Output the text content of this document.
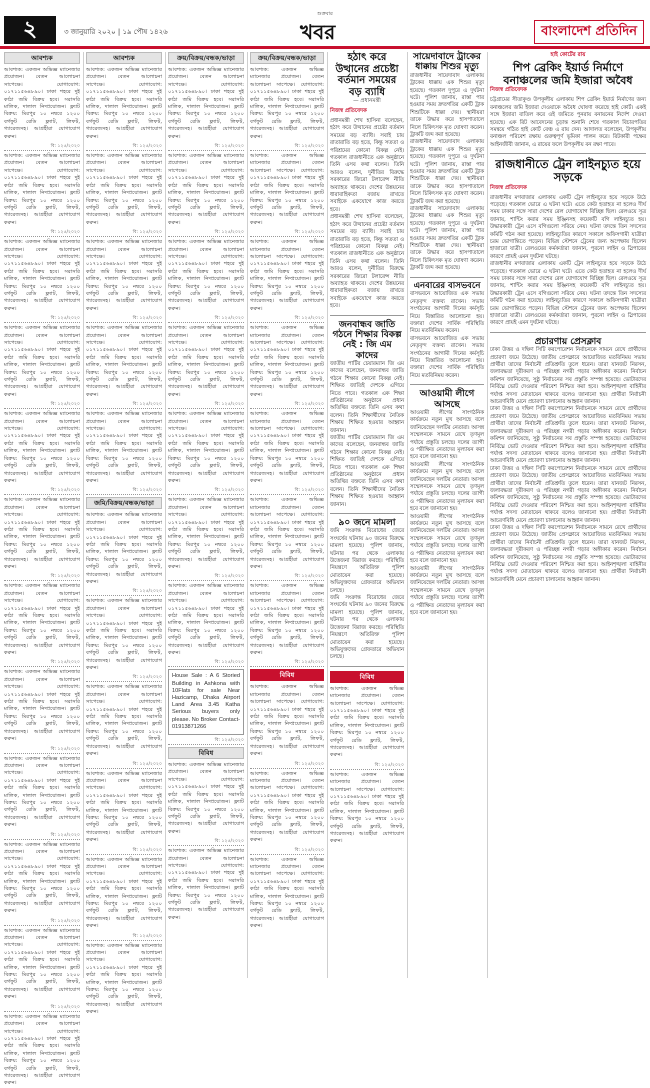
শুক্রবার
২	৩ জানুয়ারি ২০২০ | ১৯ পৌষ ১৪২৬	খবর	বাংলাদেশ প্রতিদিন
আবশ্যক
আবশ্যক: একজন অভিজ্ঞ ম্যানেজার প্রয়োজন। বেতন আলোচনা সাপেক্ষে। যোগাযোগ: ০১৭১১৫৬৪৮৯০। ঢাকা শহরে দুই কাঠা জমি বিক্রয় হবে। সরাসরি মালিক, দালাল নিষ্প্রয়োজন। ফ্ল্যাট বিক্রয়: মিরপুর ১০ নম্বরে ১২০০ বর্গফুট রেডি ফ্ল্যাট, লিফট, গ্যারেজসহ। আগ্রহীরা যোগাযোগ করুন।
বি: ১২৫/২০২০
আবশ্যক: একজন অভিজ্ঞ ম্যানেজার প্রয়োজন। বেতন আলোচনা সাপেক্ষে। যোগাযোগ: ০১৭১১৫৬৪৮৯০। ঢাকা শহরে দুই কাঠা জমি বিক্রয় হবে। সরাসরি মালিক, দালাল নিষ্প্রয়োজন। ফ্ল্যাট বিক্রয়: মিরপুর ১০ নম্বরে ১২০০ বর্গফুট রেডি ফ্ল্যাট, লিফট, গ্যারেজসহ। আগ্রহীরা যোগাযোগ করুন।
বি: ১২৫/২০২০
আবশ্যক: একজন অভিজ্ঞ ম্যানেজার প্রয়োজন। বেতন আলোচনা সাপেক্ষে। যোগাযোগ: ০১৭১১৫৬৪৮৯০। ঢাকা শহরে দুই কাঠা জমি বিক্রয় হবে। সরাসরি মালিক, দালাল নিষ্প্রয়োজন। ফ্ল্যাট বিক্রয়: মিরপুর ১০ নম্বরে ১২০০ বর্গফুট রেডি ফ্ল্যাট, লিফট, গ্যারেজসহ। আগ্রহীরা যোগাযোগ করুন।
বি: ১২৫/২০২০
আবশ্যক: একজন অভিজ্ঞ ম্যানেজার প্রয়োজন। বেতন আলোচনা সাপেক্ষে। যোগাযোগ: ০১৭১১৫৬৪৮৯০। ঢাকা শহরে দুই কাঠা জমি বিক্রয় হবে। সরাসরি মালিক, দালাল নিষ্প্রয়োজন। ফ্ল্যাট বিক্রয়: মিরপুর ১০ নম্বরে ১২০০ বর্গফুট রেডি ফ্ল্যাট, লিফট, গ্যারেজসহ। আগ্রহীরা যোগাযোগ করুন।
বি: ১২৫/২০২০
আবশ্যক: একজন অভিজ্ঞ ম্যানেজার প্রয়োজন। বেতন আলোচনা সাপেক্ষে। যোগাযোগ: ০১৭১১৫৬৪৮৯০। ঢাকা শহরে দুই কাঠা জমি বিক্রয় হবে। সরাসরি মালিক, দালাল নিষ্প্রয়োজন। ফ্ল্যাট বিক্রয়: মিরপুর ১০ নম্বরে ১২০০ বর্গফুট রেডি ফ্ল্যাট, লিফট, গ্যারেজসহ। আগ্রহীরা যোগাযোগ করুন।
বি: ১২৫/২০২০
আবশ্যক: একজন অভিজ্ঞ ম্যানেজার প্রয়োজন। বেতন আলোচনা সাপেক্ষে। যোগাযোগ: ০১৭১১৫৬৪৮৯০। ঢাকা শহরে দুই কাঠা জমি বিক্রয় হবে। সরাসরি মালিক, দালাল নিষ্প্রয়োজন। ফ্ল্যাট বিক্রয়: মিরপুর ১০ নম্বরে ১২০০ বর্গফুট রেডি ফ্ল্যাট, লিফট, গ্যারেজসহ। আগ্রহীরা যোগাযোগ করুন।
বি: ১২৫/২০২০
আবশ্যক: একজন অভিজ্ঞ ম্যানেজার প্রয়োজন। বেতন আলোচনা সাপেক্ষে। যোগাযোগ: ০১৭১১৫৬৪৮৯০। ঢাকা শহরে দুই কাঠা জমি বিক্রয় হবে। সরাসরি মালিক, দালাল নিষ্প্রয়োজন। ফ্ল্যাট বিক্রয়: মিরপুর ১০ নম্বরে ১২০০ বর্গফুট রেডি ফ্ল্যাট, লিফট, গ্যারেজসহ। আগ্রহীরা যোগাযোগ করুন।
বি: ১২৫/২০২০
আবশ্যক: একজন অভিজ্ঞ ম্যানেজার প্রয়োজন। বেতন আলোচনা সাপেক্ষে। যোগাযোগ: ০১৭১১৫৬৪৮৯০। ঢাকা শহরে দুই কাঠা জমি বিক্রয় হবে। সরাসরি মালিক, দালাল নিষ্প্রয়োজন। ফ্ল্যাট বিক্রয়: মিরপুর ১০ নম্বরে ১২০০ বর্গফুট রেডি ফ্ল্যাট, লিফট, গ্যারেজসহ। আগ্রহীরা যোগাযোগ করুন।
বি: ১২৫/২০২০
আবশ্যক: একজন অভিজ্ঞ ম্যানেজার প্রয়োজন। বেতন আলোচনা সাপেক্ষে। যোগাযোগ: ০১৭১১৫৬৪৮৯০। ঢাকা শহরে দুই কাঠা জমি বিক্রয় হবে। সরাসরি মালিক, দালাল নিষ্প্রয়োজন। ফ্ল্যাট বিক্রয়: মিরপুর ১০ নম্বরে ১২০০ বর্গফুট রেডি ফ্ল্যাট, লিফট, গ্যারেজসহ। আগ্রহীরা যোগাযোগ করুন।
বি: ১২৫/২০২০
আবশ্যক: একজন অভিজ্ঞ ম্যানেজার প্রয়োজন। বেতন আলোচনা সাপেক্ষে। যোগাযোগ: ০১৭১১৫৬৪৮৯০। ঢাকা শহরে দুই কাঠা জমি বিক্রয় হবে। সরাসরি মালিক, দালাল নিষ্প্রয়োজন। ফ্ল্যাট বিক্রয়: মিরপুর ১০ নম্বরে ১২০০ বর্গফুট রেডি ফ্ল্যাট, লিফট, গ্যারেজসহ। আগ্রহীরা যোগাযোগ করুন।
বি: ১২৫/২০২০
আবশ্যক: একজন অভিজ্ঞ ম্যানেজার প্রয়োজন। বেতন আলোচনা সাপেক্ষে। যোগাযোগ: ০১৭১১৫৬৪৮৯০। ঢাকা শহরে দুই কাঠা জমি বিক্রয় হবে। সরাসরি মালিক, দালাল নিষ্প্রয়োজন। ফ্ল্যাট বিক্রয়: মিরপুর ১০ নম্বরে ১২০০ বর্গফুট রেডি ফ্ল্যাট, লিফট, গ্যারেজসহ। আগ্রহীরা যোগাযোগ করুন।
বি: ১২৫/২০২০
আবশ্যক: একজন অভিজ্ঞ ম্যানেজার প্রয়োজন। বেতন আলোচনা সাপেক্ষে। যোগাযোগ: ০১৭১১৫৬৪৮৯০। ঢাকা শহরে দুই কাঠা জমি বিক্রয় হবে। সরাসরি মালিক, দালাল নিষ্প্রয়োজন। ফ্ল্যাট বিক্রয়: মিরপুর ১০ নম্বরে ১২০০ বর্গফুট রেডি ফ্ল্যাট, লিফট, গ্যারেজসহ। আগ্রহীরা যোগাযোগ করুন।
আবশ্যক
আবশ্যক: একজন অভিজ্ঞ ম্যানেজার প্রয়োজন। বেতন আলোচনা সাপেক্ষে। যোগাযোগ: ০১৭১১৫৬৪৮৯০। ঢাকা শহরে দুই কাঠা জমি বিক্রয় হবে। সরাসরি মালিক, দালাল নিষ্প্রয়োজন। ফ্ল্যাট বিক্রয়: মিরপুর ১০ নম্বরে ১২০০ বর্গফুট রেডি ফ্ল্যাট, লিফট, গ্যারেজসহ। আগ্রহীরা যোগাযোগ করুন।
বি: ১২৫/২০২০
আবশ্যক: একজন অভিজ্ঞ ম্যানেজার প্রয়োজন। বেতন আলোচনা সাপেক্ষে। যোগাযোগ: ০১৭১১৫৬৪৮৯০। ঢাকা শহরে দুই কাঠা জমি বিক্রয় হবে। সরাসরি মালিক, দালাল নিষ্প্রয়োজন। ফ্ল্যাট বিক্রয়: মিরপুর ১০ নম্বরে ১২০০ বর্গফুট রেডি ফ্ল্যাট, লিফট, গ্যারেজসহ। আগ্রহীরা যোগাযোগ করুন।
বি: ১২৫/২০২০
আবশ্যক: একজন অভিজ্ঞ ম্যানেজার প্রয়োজন। বেতন আলোচনা সাপেক্ষে। যোগাযোগ: ০১৭১১৫৬৪৮৯০। ঢাকা শহরে দুই কাঠা জমি বিক্রয় হবে। সরাসরি মালিক, দালাল নিষ্প্রয়োজন। ফ্ল্যাট বিক্রয়: মিরপুর ১০ নম্বরে ১২০০ বর্গফুট রেডি ফ্ল্যাট, লিফট, গ্যারেজসহ। আগ্রহীরা যোগাযোগ করুন।
বি: ১২৫/২০২০
আবশ্যক: একজন অভিজ্ঞ ম্যানেজার প্রয়োজন। বেতন আলোচনা সাপেক্ষে। যোগাযোগ: ০১৭১১৫৬৪৮৯০। ঢাকা শহরে দুই কাঠা জমি বিক্রয় হবে। সরাসরি মালিক, দালাল নিষ্প্রয়োজন। ফ্ল্যাট বিক্রয়: মিরপুর ১০ নম্বরে ১২০০ বর্গফুট রেডি ফ্ল্যাট, লিফট, গ্যারেজসহ। আগ্রহীরা যোগাযোগ করুন।
বি: ১২৫/২০২০
আবশ্যক: একজন অভিজ্ঞ ম্যানেজার প্রয়োজন। বেতন আলোচনা সাপেক্ষে। যোগাযোগ: ০১৭১১৫৬৪৮৯০। ঢাকা শহরে দুই কাঠা জমি বিক্রয় হবে। সরাসরি মালিক, দালাল নিষ্প্রয়োজন। ফ্ল্যাট বিক্রয়: মিরপুর ১০ নম্বরে ১২০০ বর্গফুট রেডি ফ্ল্যাট, লিফট, গ্যারেজসহ। আগ্রহীরা যোগাযোগ করুন।
বি: ১২৫/২০২০
জমি/বিক্রয়/বন্ধক/ভাড়া
আবশ্যক: একজন অভিজ্ঞ ম্যানেজার প্রয়োজন। বেতন আলোচনা সাপেক্ষে। যোগাযোগ: ০১৭১১৫৬৪৮৯০। ঢাকা শহরে দুই কাঠা জমি বিক্রয় হবে। সরাসরি মালিক, দালাল নিষ্প্রয়োজন। ফ্ল্যাট বিক্রয়: মিরপুর ১০ নম্বরে ১২০০ বর্গফুট রেডি ফ্ল্যাট, লিফট, গ্যারেজসহ। আগ্রহীরা যোগাযোগ করুন।
বি: ১২৫/২০২০
আবশ্যক: একজন অভিজ্ঞ ম্যানেজার প্রয়োজন। বেতন আলোচনা সাপেক্ষে। যোগাযোগ: ০১৭১১৫৬৪৮৯০। ঢাকা শহরে দুই কাঠা জমি বিক্রয় হবে। সরাসরি মালিক, দালাল নিষ্প্রয়োজন। ফ্ল্যাট বিক্রয়: মিরপুর ১০ নম্বরে ১২০০ বর্গফুট রেডি ফ্ল্যাট, লিফট, গ্যারেজসহ। আগ্রহীরা যোগাযোগ করুন।
বি: ১২৫/২০২০
আবশ্যক: একজন অভিজ্ঞ ম্যানেজার প্রয়োজন। বেতন আলোচনা সাপেক্ষে। যোগাযোগ: ০১৭১১৫৬৪৮৯০। ঢাকা শহরে দুই কাঠা জমি বিক্রয় হবে। সরাসরি মালিক, দালাল নিষ্প্রয়োজন। ফ্ল্যাট বিক্রয়: মিরপুর ১০ নম্বরে ১২০০ বর্গফুট রেডি ফ্ল্যাট, লিফট, গ্যারেজসহ। আগ্রহীরা যোগাযোগ করুন।
বি: ১২৫/২০২০
আবশ্যক: একজন অভিজ্ঞ ম্যানেজার প্রয়োজন। বেতন আলোচনা সাপেক্ষে। যোগাযোগ: ০১৭১১৫৬৪৮৯০। ঢাকা শহরে দুই কাঠা জমি বিক্রয় হবে। সরাসরি মালিক, দালাল নিষ্প্রয়োজন। ফ্ল্যাট বিক্রয়: মিরপুর ১০ নম্বরে ১২০০ বর্গফুট রেডি ফ্ল্যাট, লিফট, গ্যারেজসহ। আগ্রহীরা যোগাযোগ করুন।
বি: ১২৫/২০২০
আবশ্যক: একজন অভিজ্ঞ ম্যানেজার প্রয়োজন। বেতন আলোচনা সাপেক্ষে। যোগাযোগ: ০১৭১১৫৬৪৮৯০। ঢাকা শহরে দুই কাঠা জমি বিক্রয় হবে। সরাসরি মালিক, দালাল নিষ্প্রয়োজন। ফ্ল্যাট বিক্রয়: মিরপুর ১০ নম্বরে ১২০০ বর্গফুট রেডি ফ্ল্যাট, লিফট, গ্যারেজসহ। আগ্রহীরা যোগাযোগ করুন।
বি: ১২৫/২০২০
আবশ্যক: একজন অভিজ্ঞ ম্যানেজার প্রয়োজন। বেতন আলোচনা সাপেক্ষে। যোগাযোগ: ০১৭১১৫৬৪৮৯০। ঢাকা শহরে দুই কাঠা জমি বিক্রয় হবে। সরাসরি মালিক, দালাল নিষ্প্রয়োজন। ফ্ল্যাট বিক্রয়: মিরপুর ১০ নম্বরে ১২০০ বর্গফুট রেডি ফ্ল্যাট, লিফট, গ্যারেজসহ। আগ্রহীরা যোগাযোগ করুন।
ক্রয়/বিক্রয়/বন্ধক/ভাড়া
আবশ্যক: একজন অভিজ্ঞ ম্যানেজার প্রয়োজন। বেতন আলোচনা সাপেক্ষে। যোগাযোগ: ০১৭১১৫৬৪৮৯০। ঢাকা শহরে দুই কাঠা জমি বিক্রয় হবে। সরাসরি মালিক, দালাল নিষ্প্রয়োজন। ফ্ল্যাট বিক্রয়: মিরপুর ১০ নম্বরে ১২০০ বর্গফুট রেডি ফ্ল্যাট, লিফট, গ্যারেজসহ। আগ্রহীরা যোগাযোগ করুন।
বি: ১২৫/২০২০
আবশ্যক: একজন অভিজ্ঞ ম্যানেজার প্রয়োজন। বেতন আলোচনা সাপেক্ষে। যোগাযোগ: ০১৭১১৫৬৪৮৯০। ঢাকা শহরে দুই কাঠা জমি বিক্রয় হবে। সরাসরি মালিক, দালাল নিষ্প্রয়োজন। ফ্ল্যাট বিক্রয়: মিরপুর ১০ নম্বরে ১২০০ বর্গফুট রেডি ফ্ল্যাট, লিফট, গ্যারেজসহ। আগ্রহীরা যোগাযোগ করুন।
বি: ১২৫/২০২০
আবশ্যক: একজন অভিজ্ঞ ম্যানেজার প্রয়োজন। বেতন আলোচনা সাপেক্ষে। যোগাযোগ: ০১৭১১৫৬৪৮৯০। ঢাকা শহরে দুই কাঠা জমি বিক্রয় হবে। সরাসরি মালিক, দালাল নিষ্প্রয়োজন। ফ্ল্যাট বিক্রয়: মিরপুর ১০ নম্বরে ১২০০ বর্গফুট রেডি ফ্ল্যাট, লিফট, গ্যারেজসহ। আগ্রহীরা যোগাযোগ করুন।
বি: ১২৫/২০২০
আবশ্যক: একজন অভিজ্ঞ ম্যানেজার প্রয়োজন। বেতন আলোচনা সাপেক্ষে। যোগাযোগ: ০১৭১১৫৬৪৮৯০। ঢাকা শহরে দুই কাঠা জমি বিক্রয় হবে। সরাসরি মালিক, দালাল নিষ্প্রয়োজন। ফ্ল্যাট বিক্রয়: মিরপুর ১০ নম্বরে ১২০০ বর্গফুট রেডি ফ্ল্যাট, লিফট, গ্যারেজসহ। আগ্রহীরা যোগাযোগ করুন।
বি: ১২৫/২০২০
আবশ্যক: একজন অভিজ্ঞ ম্যানেজার প্রয়োজন। বেতন আলোচনা সাপেক্ষে। যোগাযোগ: ০১৭১১৫৬৪৮৯০। ঢাকা শহরে দুই কাঠা জমি বিক্রয় হবে। সরাসরি মালিক, দালাল নিষ্প্রয়োজন। ফ্ল্যাট বিক্রয়: মিরপুর ১০ নম্বরে ১২০০ বর্গফুট রেডি ফ্ল্যাট, লিফট, গ্যারেজসহ। আগ্রহীরা যোগাযোগ করুন।
বি: ১২৫/২০২০
আবশ্যক: একজন অভিজ্ঞ ম্যানেজার প্রয়োজন। বেতন আলোচনা সাপেক্ষে। যোগাযোগ: ০১৭১১৫৬৪৮৯০। ঢাকা শহরে দুই কাঠা জমি বিক্রয় হবে। সরাসরি মালিক, দালাল নিষ্প্রয়োজন। ফ্ল্যাট বিক্রয়: মিরপুর ১০ নম্বরে ১২০০ বর্গফুট রেডি ফ্ল্যাট, লিফট, গ্যারেজসহ। আগ্রহীরা যোগাযোগ করুন।
বি: ১২৫/২০২০
আবশ্যক: একজন অভিজ্ঞ ম্যানেজার প্রয়োজন। বেতন আলোচনা সাপেক্ষে। যোগাযোগ: ০১৭১১৫৬৪৮৯০। ঢাকা শহরে দুই কাঠা জমি বিক্রয় হবে। সরাসরি মালিক, দালাল নিষ্প্রয়োজন। ফ্ল্যাট বিক্রয়: মিরপুর ১০ নম্বরে ১২০০ বর্গফুট রেডি ফ্ল্যাট, লিফট, গ্যারেজসহ। আগ্রহীরা যোগাযোগ করুন।
বি: ১২৫/২০২০
House Sale : A 6 Storied Building in Ashkona with 10Flats for sale Near Hazicamp, Dhaka Airport Land Area 3.45 Katha Serious buyers only please. No Broker Contact-01913871266
বি: ১২৫/২০২০
বিবিধ
আবশ্যক: একজন অভিজ্ঞ ম্যানেজার প্রয়োজন। বেতন আলোচনা সাপেক্ষে। যোগাযোগ: ০১৭১১৫৬৪৮৯০। ঢাকা শহরে দুই কাঠা জমি বিক্রয় হবে। সরাসরি মালিক, দালাল নিষ্প্রয়োজন। ফ্ল্যাট বিক্রয়: মিরপুর ১০ নম্বরে ১২০০ বর্গফুট রেডি ফ্ল্যাট, লিফট, গ্যারেজসহ। আগ্রহীরা যোগাযোগ করুন।
বি: ১২৫/২০২০
আবশ্যক: একজন অভিজ্ঞ ম্যানেজার প্রয়োজন। বেতন আলোচনা সাপেক্ষে। যোগাযোগ: ০১৭১১৫৬৪৮৯০। ঢাকা শহরে দুই কাঠা জমি বিক্রয় হবে। সরাসরি মালিক, দালাল নিষ্প্রয়োজন। ফ্ল্যাট বিক্রয়: মিরপুর ১০ নম্বরে ১২০০ বর্গফুট রেডি ফ্ল্যাট, লিফট, গ্যারেজসহ। আগ্রহীরা যোগাযোগ করুন।
ক্রয়/বিক্রয়/বন্ধক/ভাড়া
আবশ্যক: একজন অভিজ্ঞ ম্যানেজার প্রয়োজন। বেতন আলোচনা সাপেক্ষে। যোগাযোগ: ০১৭১১৫৬৪৮৯০। ঢাকা শহরে দুই কাঠা জমি বিক্রয় হবে। সরাসরি মালিক, দালাল নিষ্প্রয়োজন। ফ্ল্যাট বিক্রয়: মিরপুর ১০ নম্বরে ১২০০ বর্গফুট রেডি ফ্ল্যাট, লিফট, গ্যারেজসহ। আগ্রহীরা যোগাযোগ করুন।
বি: ১২৫/২০২০
আবশ্যক: একজন অভিজ্ঞ ম্যানেজার প্রয়োজন। বেতন আলোচনা সাপেক্ষে। যোগাযোগ: ০১৭১১৫৬৪৮৯০। ঢাকা শহরে দুই কাঠা জমি বিক্রয় হবে। সরাসরি মালিক, দালাল নিষ্প্রয়োজন। ফ্ল্যাট বিক্রয়: মিরপুর ১০ নম্বরে ১২০০ বর্গফুট রেডি ফ্ল্যাট, লিফট, গ্যারেজসহ। আগ্রহীরা যোগাযোগ করুন।
বি: ১২৫/২০২০
আবশ্যক: একজন অভিজ্ঞ ম্যানেজার প্রয়োজন। বেতন আলোচনা সাপেক্ষে। যোগাযোগ: ০১৭১১৫৬৪৮৯০। ঢাকা শহরে দুই কাঠা জমি বিক্রয় হবে। সরাসরি মালিক, দালাল নিষ্প্রয়োজন। ফ্ল্যাট বিক্রয়: মিরপুর ১০ নম্বরে ১২০০ বর্গফুট রেডি ফ্ল্যাট, লিফট, গ্যারেজসহ। আগ্রহীরা যোগাযোগ করুন।
বি: ১২৫/২০২০
আবশ্যক: একজন অভিজ্ঞ ম্যানেজার প্রয়োজন। বেতন আলোচনা সাপেক্ষে। যোগাযোগ: ০১৭১১৫৬৪৮৯০। ঢাকা শহরে দুই কাঠা জমি বিক্রয় হবে। সরাসরি মালিক, দালাল নিষ্প্রয়োজন। ফ্ল্যাট বিক্রয়: মিরপুর ১০ নম্বরে ১২০০ বর্গফুট রেডি ফ্ল্যাট, লিফট, গ্যারেজসহ। আগ্রহীরা যোগাযোগ করুন।
বি: ১২৫/২০২০
আবশ্যক: একজন অভিজ্ঞ ম্যানেজার প্রয়োজন। বেতন আলোচনা সাপেক্ষে। যোগাযোগ: ০১৭১১৫৬৪৮৯০। ঢাকা শহরে দুই কাঠা জমি বিক্রয় হবে। সরাসরি মালিক, দালাল নিষ্প্রয়োজন। ফ্ল্যাট বিক্রয়: মিরপুর ১০ নম্বরে ১২০০ বর্গফুট রেডি ফ্ল্যাট, লিফট, গ্যারেজসহ। আগ্রহীরা যোগাযোগ করুন।
বি: ১২৫/২০২০
আবশ্যক: একজন অভিজ্ঞ ম্যানেজার প্রয়োজন। বেতন আলোচনা সাপেক্ষে। যোগাযোগ: ০১৭১১৫৬৪৮৯০। ঢাকা শহরে দুই কাঠা জমি বিক্রয় হবে। সরাসরি মালিক, দালাল নিষ্প্রয়োজন। ফ্ল্যাট বিক্রয়: মিরপুর ১০ নম্বরে ১২০০ বর্গফুট রেডি ফ্ল্যাট, লিফট, গ্যারেজসহ। আগ্রহীরা যোগাযোগ করুন।
বি: ১২৫/২০২০
আবশ্যক: একজন অভিজ্ঞ ম্যানেজার প্রয়োজন। বেতন আলোচনা সাপেক্ষে। যোগাযোগ: ০১৭১১৫৬৪৮৯০। ঢাকা শহরে দুই কাঠা জমি বিক্রয় হবে। সরাসরি মালিক, দালাল নিষ্প্রয়োজন। ফ্ল্যাট বিক্রয়: মিরপুর ১০ নম্বরে ১২০০ বর্গফুট রেডি ফ্ল্যাট, লিফট, গ্যারেজসহ। আগ্রহীরা যোগাযোগ করুন।
বি: ১২৫/২০২০
বিবিধ
আবশ্যক: একজন অভিজ্ঞ ম্যানেজার প্রয়োজন। বেতন আলোচনা সাপেক্ষে। যোগাযোগ: ০১৭১১৫৬৪৮৯০। ঢাকা শহরে দুই কাঠা জমি বিক্রয় হবে। সরাসরি মালিক, দালাল নিষ্প্রয়োজন। ফ্ল্যাট বিক্রয়: মিরপুর ১০ নম্বরে ১২০০ বর্গফুট রেডি ফ্ল্যাট, লিফট, গ্যারেজসহ। আগ্রহীরা যোগাযোগ করুন।
বি: ১২৫/২০২০
আবশ্যক: একজন অভিজ্ঞ ম্যানেজার প্রয়োজন। বেতন আলোচনা সাপেক্ষে। যোগাযোগ: ০১৭১১৫৬৪৮৯০। ঢাকা শহরে দুই কাঠা জমি বিক্রয় হবে। সরাসরি মালিক, দালাল নিষ্প্রয়োজন। ফ্ল্যাট বিক্রয়: মিরপুর ১০ নম্বরে ১২০০ বর্গফুট রেডি ফ্ল্যাট, লিফট, গ্যারেজসহ। আগ্রহীরা যোগাযোগ করুন।
বি: ১২৫/২০২০
আবশ্যক: একজন অভিজ্ঞ ম্যানেজার প্রয়োজন। বেতন আলোচনা সাপেক্ষে। যোগাযোগ: ০১৭১১৫৬৪৮৯০। ঢাকা শহরে দুই কাঠা জমি বিক্রয় হবে। সরাসরি মালিক, দালাল নিষ্প্রয়োজন। ফ্ল্যাট বিক্রয়: মিরপুর ১০ নম্বরে ১২০০ বর্গফুট রেডি ফ্ল্যাট, লিফট, গ্যারেজসহ। আগ্রহীরা যোগাযোগ করুন।
হঠাৎ করে উত্থানের প্রচেষ্টা বর্তমান সময়ের বড় ব্যাধি
— প্রধানমন্ত্রী
নিজস্ব প্রতিবেদক
প্রধানমন্ত্রী শেখ হাসিনা বলেছেন, হঠাৎ করে উত্থানের প্রচেষ্টা বর্তমান সময়ের বড় ব্যাধি। সবাই চায় রাতারাতি বড় হতে, কিন্তু সততা ও পরিশ্রমের কোনো বিকল্প নেই। গতকাল রাজধানীতে এক অনুষ্ঠানে তিনি এসব কথা বলেন। তিনি আরও বলেন, দুর্নীতির বিরুদ্ধে সরকারের জিরো টলারেন্স নীতি অব্যাহত থাকবে। দেশের উন্নয়নের ধারাবাহিকতা বজায় রাখতে সবাইকে একযোগে কাজ করতে হবে।
প্রধানমন্ত্রী শেখ হাসিনা বলেছেন, হঠাৎ করে উত্থানের প্রচেষ্টা বর্তমান সময়ের বড় ব্যাধি। সবাই চায় রাতারাতি বড় হতে, কিন্তু সততা ও পরিশ্রমের কোনো বিকল্প নেই। গতকাল রাজধানীতে এক অনুষ্ঠানে তিনি এসব কথা বলেন। তিনি আরও বলেন, দুর্নীতির বিরুদ্ধে সরকারের জিরো টলারেন্স নীতি অব্যাহত থাকবে। দেশের উন্নয়নের ধারাবাহিকতা বজায় রাখতে সবাইকে একযোগে কাজ করতে হবে।
জনবান্ধব জাতি গঠনে শিক্ষার বিকল্প নেই : জি এম কাদের
জাতীয় পার্টির চেয়ারম্যান জি এম কাদের বলেছেন, জনবান্ধব জাতি গঠনে শিক্ষার কোনো বিকল্প নেই। শিক্ষিত জাতিই দেশকে এগিয়ে নিতে পারে। গতকাল এক শিক্ষা প্রতিষ্ঠানের অনুষ্ঠানে প্রধান অতিথির বক্তব্যে তিনি এসব কথা বলেন। তিনি শিক্ষার্থীদের নৈতিক শিক্ষায় শিক্ষিত হওয়ার আহ্বান জানান।
জাতীয় পার্টির চেয়ারম্যান জি এম কাদের বলেছেন, জনবান্ধব জাতি গঠনে শিক্ষার কোনো বিকল্প নেই। শিক্ষিত জাতিই দেশকে এগিয়ে নিতে পারে। গতকাল এক শিক্ষা প্রতিষ্ঠানের অনুষ্ঠানে প্রধান অতিথির বক্তব্যে তিনি এসব কথা বলেন। তিনি শিক্ষার্থীদের নৈতিক শিক্ষায় শিক্ষিত হওয়ার আহ্বান জানান।
৯০ জনে মামলা
জমি সংক্রান্ত বিরোধের জেরে সংঘর্ষের ঘটনায় ৯০ জনের বিরুদ্ধে মামলা হয়েছে। পুলিশ জানায়, ঘটনার পর থেকে এলাকায় উত্তেজনা বিরাজ করছে। পরিস্থিতি নিয়ন্ত্রণে অতিরিক্ত পুলিশ মোতায়েন করা হয়েছে। অভিযুক্তদের গ্রেফতারে অভিযান চলছে।
জমি সংক্রান্ত বিরোধের জেরে সংঘর্ষের ঘটনায় ৯০ জনের বিরুদ্ধে মামলা হয়েছে। পুলিশ জানায়, ঘটনার পর থেকে এলাকায় উত্তেজনা বিরাজ করছে। পরিস্থিতি নিয়ন্ত্রণে অতিরিক্ত পুলিশ মোতায়েন করা হয়েছে। অভিযুক্তদের গ্রেফতারে অভিযান চলছে।
বিবিধ
আবশ্যক: একজন অভিজ্ঞ ম্যানেজার প্রয়োজন। বেতন আলোচনা সাপেক্ষে। যোগাযোগ: ০১৭১১৫৬৪৮৯০। ঢাকা শহরে দুই কাঠা জমি বিক্রয় হবে। সরাসরি মালিক, দালাল নিষ্প্রয়োজন। ফ্ল্যাট বিক্রয়: মিরপুর ১০ নম্বরে ১২০০ বর্গফুট রেডি ফ্ল্যাট, লিফট, গ্যারেজসহ। আগ্রহীরা যোগাযোগ করুন।
বি: ১২৫/২০২০
আবশ্যক: একজন অভিজ্ঞ ম্যানেজার প্রয়োজন। বেতন আলোচনা সাপেক্ষে। যোগাযোগ: ০১৭১১৫৬৪৮৯০। ঢাকা শহরে দুই কাঠা জমি বিক্রয় হবে। সরাসরি মালিক, দালাল নিষ্প্রয়োজন। ফ্ল্যাট বিক্রয়: মিরপুর ১০ নম্বরে ১২০০ বর্গফুট রেডি ফ্ল্যাট, লিফট, গ্যারেজসহ। আগ্রহীরা যোগাযোগ করুন।
সায়েদাবাদে ট্রাকের ধাক্কায় শিশুর মৃত্যু
রাজধানীর সায়েদাবাদ এলাকায় ট্রাকের ধাক্কায় এক শিশুর মৃত্যু হয়েছে। গতকাল দুপুরে এ দুর্ঘটনা ঘটে। পুলিশ জানায়, রাস্তা পার হওয়ার সময় দ্রুতগতির একটি ট্রাক শিশুটিকে ধাক্কা দেয়। স্থানীয়রা তাকে উদ্ধার করে হাসপাতালে নিলে চিকিৎসক মৃত ঘোষণা করেন। ট্রাকটি জব্দ করা হয়েছে।
রাজধানীর সায়েদাবাদ এলাকায় ট্রাকের ধাক্কায় এক শিশুর মৃত্যু হয়েছে। গতকাল দুপুরে এ দুর্ঘটনা ঘটে। পুলিশ জানায়, রাস্তা পার হওয়ার সময় দ্রুতগতির একটি ট্রাক শিশুটিকে ধাক্কা দেয়। স্থানীয়রা তাকে উদ্ধার করে হাসপাতালে নিলে চিকিৎসক মৃত ঘোষণা করেন। ট্রাকটি জব্দ করা হয়েছে।
রাজধানীর সায়েদাবাদ এলাকায় ট্রাকের ধাক্কায় এক শিশুর মৃত্যু হয়েছে। গতকাল দুপুরে এ দুর্ঘটনা ঘটে। পুলিশ জানায়, রাস্তা পার হওয়ার সময় দ্রুতগতির একটি ট্রাক শিশুটিকে ধাক্কা দেয়। স্থানীয়রা তাকে উদ্ধার করে হাসপাতালে নিলে চিকিৎসক মৃত ঘোষণা করেন। ট্রাকটি জব্দ করা হয়েছে।
এনবারের বাসভবনে
বাসভবনে আয়োজিত এক সভায় নেতৃবৃন্দ বক্তব্য রাখেন। সভায় সংগঠনের আগামী দিনের কর্মসূচি নিয়ে বিস্তারিত আলোচনা হয়। বক্তারা দেশের সার্বিক পরিস্থিতি নিয়ে মতবিনিময় করেন।
বাসভবনে আয়োজিত এক সভায় নেতৃবৃন্দ বক্তব্য রাখেন। সভায় সংগঠনের আগামী দিনের কর্মসূচি নিয়ে বিস্তারিত আলোচনা হয়। বক্তারা দেশের সার্বিক পরিস্থিতি নিয়ে মতবিনিময় করেন।
আওয়ামী লীগে আসছে
আওয়ামী লীগের সাংগঠনিক কার্যক্রমে নতুন মুখ আসছে বলে জানিয়েছেন দলটির নেতারা। আসন্ন সম্মেলনকে সামনে রেখে তৃণমূল পর্যায়ে প্রস্তুতি চলছে। দলের ত্যাগী ও পরীক্ষিত নেতাদের মূল্যায়ন করা হবে বলে জানানো হয়।
আওয়ামী লীগের সাংগঠনিক কার্যক্রমে নতুন মুখ আসছে বলে জানিয়েছেন দলটির নেতারা। আসন্ন সম্মেলনকে সামনে রেখে তৃণমূল পর্যায়ে প্রস্তুতি চলছে। দলের ত্যাগী ও পরীক্ষিত নেতাদের মূল্যায়ন করা হবে বলে জানানো হয়।
আওয়ামী লীগের সাংগঠনিক কার্যক্রমে নতুন মুখ আসছে বলে জানিয়েছেন দলটির নেতারা। আসন্ন সম্মেলনকে সামনে রেখে তৃণমূল পর্যায়ে প্রস্তুতি চলছে। দলের ত্যাগী ও পরীক্ষিত নেতাদের মূল্যায়ন করা হবে বলে জানানো হয়।
আওয়ামী লীগের সাংগঠনিক কার্যক্রমে নতুন মুখ আসছে বলে জানিয়েছেন দলটির নেতারা। আসন্ন সম্মেলনকে সামনে রেখে তৃণমূল পর্যায়ে প্রস্তুতি চলছে। দলের ত্যাগী ও পরীক্ষিত নেতাদের মূল্যায়ন করা হবে বলে জানানো হয়।
হাই কোর্টের রায়
শিপ ব্রেকিং ইয়ার্ড নির্মাণে বনাঞ্চলের জমি ইজারা অবৈধ
নিজস্ব প্রতিবেদক
চট্টগ্রামের সীতাকুণ্ড উপকূলীয় এলাকায় শিপ ব্রেকিং ইয়ার্ড নির্মাণের জন্য বনাঞ্চলের জমি ইজারা দেওয়াকে অবৈধ ঘোষণা করেছে হাই কোর্ট। একই সঙ্গে ইজারা বাতিল করে ওই জমিতে পুনরায় বনায়নের নির্দেশ দেওয়া হয়েছে। এক রিট আবেদনের চূড়ান্ত শুনানি শেষে গতকাল বিচারপতির সমন্বয়ে গঠিত হাই কোর্ট বেঞ্চ এ রায় দেন। আদালত বলেছেন, উপকূলীয় বনাঞ্চল পরিবেশ রক্ষায় গুরুত্বপূর্ণ ভূমিকা পালন করে। রিটকারী পক্ষের আইনজীবী জানান, এ রায়ের ফলে উপকূলীয় বন রক্ষা পাবে।
রাজধানীতে ট্রেন লাইনচ্যুত হয়ে সড়কে
নিজস্ব প্রতিবেদক
রাজধানীর মগবাজার এলাকায় একটি ট্রেন লাইনচ্যুত হয়ে সড়কে উঠে পড়েছে। গতকাল ভোরে এ ঘটনা ঘটে। এতে কেউ হতাহত না হলেও দীর্ঘ সময় ঢাকার সঙ্গে সারা দেশের রেল যোগাযোগ বিচ্ছিন্ন ছিল। রেলওয়ে সূত্র জানায়, শান্টিং করার সময় ইঞ্জিনসহ কয়েকটি বগি লাইনচ্যুত হয়। উদ্ধারকারী ট্রেন এসে বগিগুলো সরিয়ে নেয়। ঘটনা তদন্তে তিন সদস্যের কমিটি গঠন করা হয়েছে। লাইনচ্যুতির কারণে সকালে অফিসগামী যাত্রীরা চরম ভোগান্তিতে পড়েন। বিভিন্ন স্টেশনে ট্রেনের জন্য অপেক্ষায় ছিলেন হাজারো যাত্রী। রেলওয়ের কর্মকর্তারা জানান, পুরনো লাইন ও স্লিপারের কারণে প্রায়ই এমন দুর্ঘটনা ঘটছে।
রাজধানীর মগবাজার এলাকায় একটি ট্রেন লাইনচ্যুত হয়ে সড়কে উঠে পড়েছে। গতকাল ভোরে এ ঘটনা ঘটে। এতে কেউ হতাহত না হলেও দীর্ঘ সময় ঢাকার সঙ্গে সারা দেশের রেল যোগাযোগ বিচ্ছিন্ন ছিল। রেলওয়ে সূত্র জানায়, শান্টিং করার সময় ইঞ্জিনসহ কয়েকটি বগি লাইনচ্যুত হয়। উদ্ধারকারী ট্রেন এসে বগিগুলো সরিয়ে নেয়। ঘটনা তদন্তে তিন সদস্যের কমিটি গঠন করা হয়েছে। লাইনচ্যুতির কারণে সকালে অফিসগামী যাত্রীরা চরম ভোগান্তিতে পড়েন। বিভিন্ন স্টেশনে ট্রেনের জন্য অপেক্ষায় ছিলেন হাজারো যাত্রী। রেলওয়ের কর্মকর্তারা জানান, পুরনো লাইন ও স্লিপারের কারণে প্রায়ই এমন দুর্ঘটনা ঘটছে।
প্রচারণায় প্রেসক্লাব
ঢাকা উত্তর ও দক্ষিণ সিটি করপোরেশন নির্বাচনকে সামনে রেখে প্রার্থীদের প্রচারণা জমে উঠেছে। জাতীয় প্রেসক্লাবে আয়োজিত মতবিনিময় সভায় প্রার্থীরা তাদের নির্বাচনী প্রতিশ্রুতি তুলে ধরেন। তারা যানজট নিরসন, জলাবদ্ধতা দূরীকরণ ও পরিচ্ছন্ন নগরী গড়ার অঙ্গীকার করেন। নির্বাচন কমিশন জানিয়েছে, সুষ্ঠু নির্বাচনের সব প্রস্তুতি সম্পন্ন হয়েছে। ভোটারদের নির্বিঘ্নে ভোট দেওয়ার পরিবেশ নিশ্চিত করা হবে। আইনশৃঙ্খলা বাহিনীর পর্যাপ্ত সদস্য মোতায়েন থাকবে বলেও জানানো হয়। প্রার্থীরা নির্বাচনী আচরণবিধি মেনে প্রচারণা চালানোর আহ্বান জানান।
ঢাকা উত্তর ও দক্ষিণ সিটি করপোরেশন নির্বাচনকে সামনে রেখে প্রার্থীদের প্রচারণা জমে উঠেছে। জাতীয় প্রেসক্লাবে আয়োজিত মতবিনিময় সভায় প্রার্থীরা তাদের নির্বাচনী প্রতিশ্রুতি তুলে ধরেন। তারা যানজট নিরসন, জলাবদ্ধতা দূরীকরণ ও পরিচ্ছন্ন নগরী গড়ার অঙ্গীকার করেন। নির্বাচন কমিশন জানিয়েছে, সুষ্ঠু নির্বাচনের সব প্রস্তুতি সম্পন্ন হয়েছে। ভোটারদের নির্বিঘ্নে ভোট দেওয়ার পরিবেশ নিশ্চিত করা হবে। আইনশৃঙ্খলা বাহিনীর পর্যাপ্ত সদস্য মোতায়েন থাকবে বলেও জানানো হয়। প্রার্থীরা নির্বাচনী আচরণবিধি মেনে প্রচারণা চালানোর আহ্বান জানান।
ঢাকা উত্তর ও দক্ষিণ সিটি করপোরেশন নির্বাচনকে সামনে রেখে প্রার্থীদের প্রচারণা জমে উঠেছে। জাতীয় প্রেসক্লাবে আয়োজিত মতবিনিময় সভায় প্রার্থীরা তাদের নির্বাচনী প্রতিশ্রুতি তুলে ধরেন। তারা যানজট নিরসন, জলাবদ্ধতা দূরীকরণ ও পরিচ্ছন্ন নগরী গড়ার অঙ্গীকার করেন। নির্বাচন কমিশন জানিয়েছে, সুষ্ঠু নির্বাচনের সব প্রস্তুতি সম্পন্ন হয়েছে। ভোটারদের নির্বিঘ্নে ভোট দেওয়ার পরিবেশ নিশ্চিত করা হবে। আইনশৃঙ্খলা বাহিনীর পর্যাপ্ত সদস্য মোতায়েন থাকবে বলেও জানানো হয়। প্রার্থীরা নির্বাচনী আচরণবিধি মেনে প্রচারণা চালানোর আহ্বান জানান।
ঢাকা উত্তর ও দক্ষিণ সিটি করপোরেশন নির্বাচনকে সামনে রেখে প্রার্থীদের প্রচারণা জমে উঠেছে। জাতীয় প্রেসক্লাবে আয়োজিত মতবিনিময় সভায় প্রার্থীরা তাদের নির্বাচনী প্রতিশ্রুতি তুলে ধরেন। তারা যানজট নিরসন, জলাবদ্ধতা দূরীকরণ ও পরিচ্ছন্ন নগরী গড়ার অঙ্গীকার করেন। নির্বাচন কমিশন জানিয়েছে, সুষ্ঠু নির্বাচনের সব প্রস্তুতি সম্পন্ন হয়েছে। ভোটারদের নির্বিঘ্নে ভোট দেওয়ার পরিবেশ নিশ্চিত করা হবে। আইনশৃঙ্খলা বাহিনীর পর্যাপ্ত সদস্য মোতায়েন থাকবে বলেও জানানো হয়। প্রার্থীরা নির্বাচনী আচরণবিধি মেনে প্রচারণা চালানোর আহ্বান জানান।
